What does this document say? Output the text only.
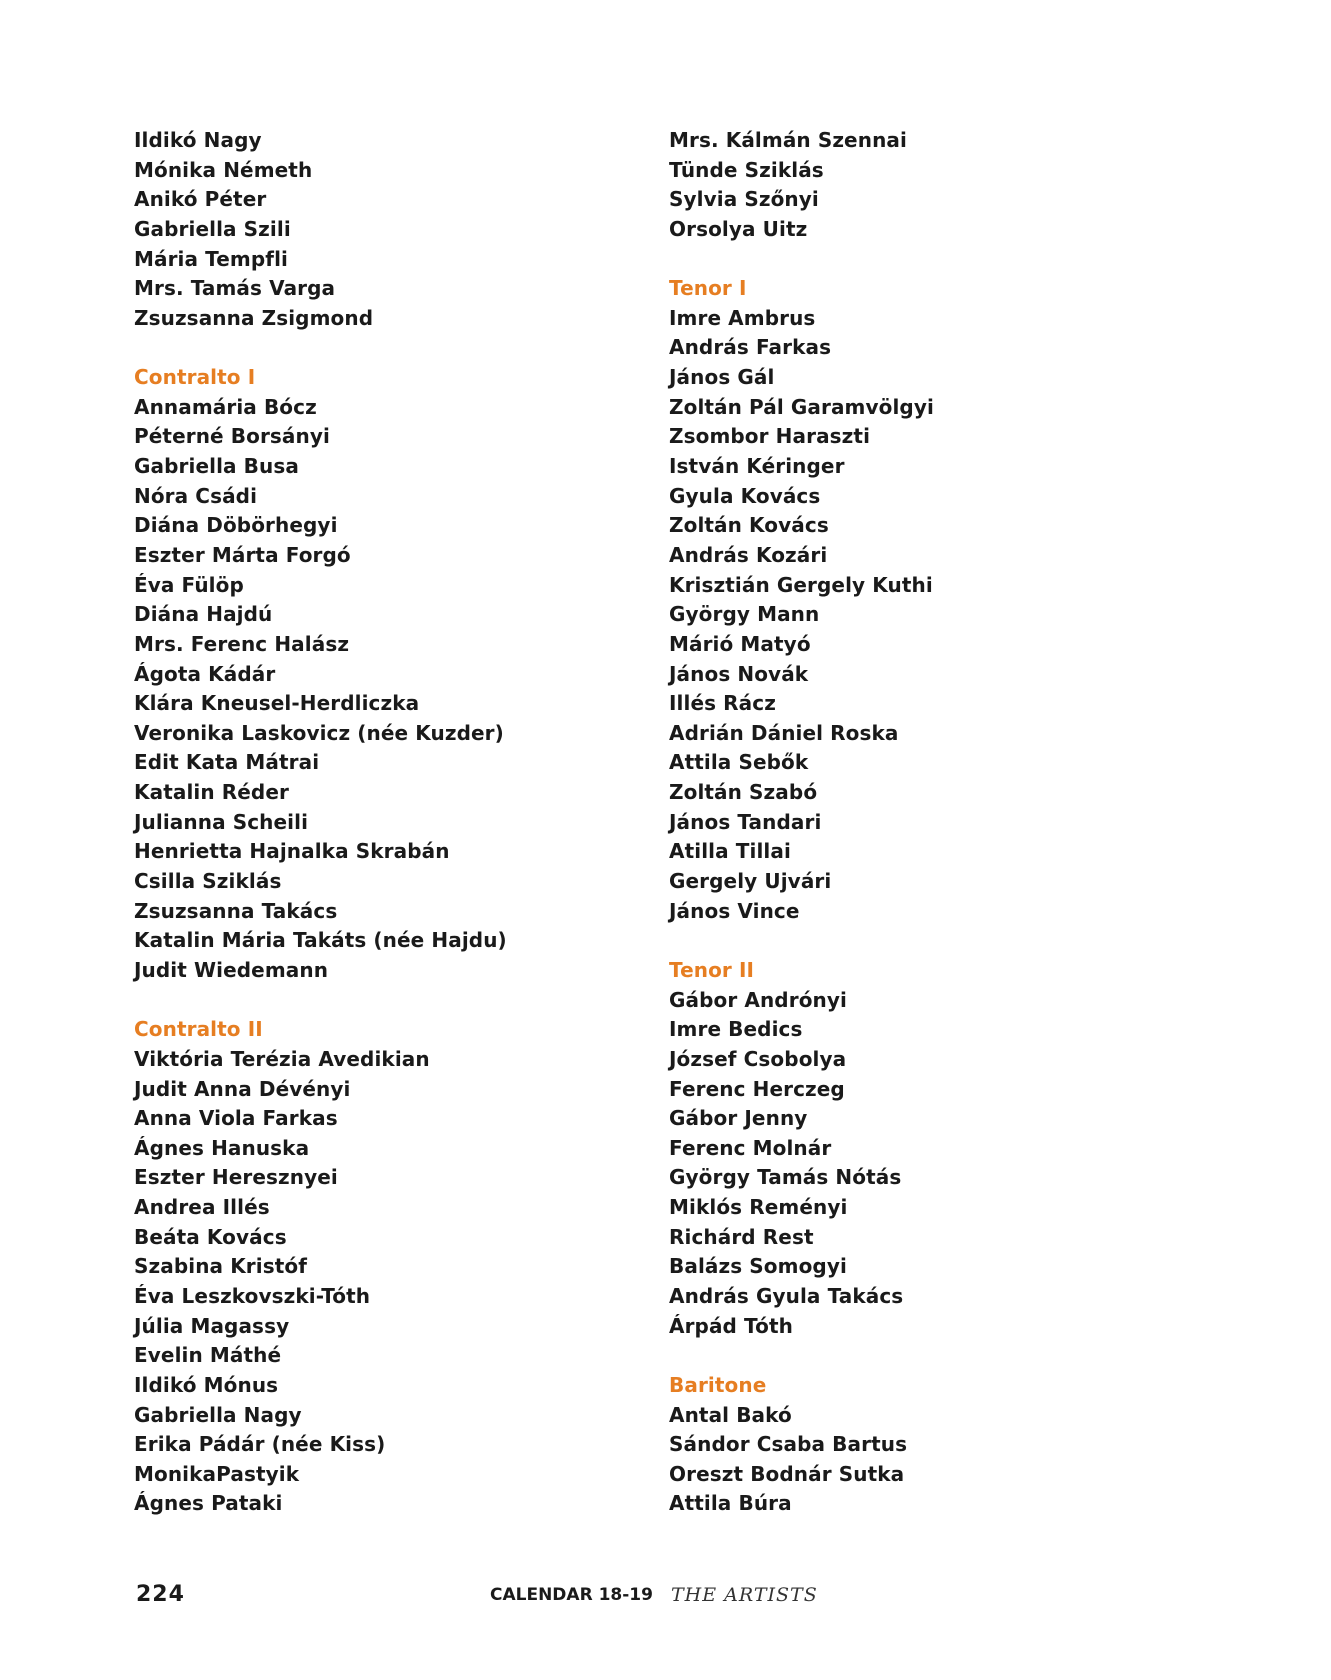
Ildikó Nagy
Mónika Németh
Anikó Péter
Gabriella Szili
Mária Tempfli
Mrs. Tamás Varga
Zsuzsanna Zsigmond
Contralto I
Annamária Bócz
Péterné Borsányi
Gabriella Busa
Nóra Csádi
Diána Döbörhegyi
Eszter Márta Forgó
Éva Fülöp
Diána Hajdú
Mrs. Ferenc Halász
Ágota Kádár
Klára Kneusel-Herdliczka
Veronika Laskovicz (née Kuzder)
Edit Kata Mátrai
Katalin Réder
Julianna Scheili
Henrietta Hajnalka Skrabán
Csilla Sziklás
Zsuzsanna Takács
Katalin Mária Takáts (née Hajdu)
Judit Wiedemann
Contralto II
Viktória Terézia Avedikian
Judit Anna Dévényi
Anna Viola Farkas
Ágnes Hanuska
Eszter Heresznyei
Andrea Illés
Beáta Kovács
Szabina Kristóf
Éva Leszkovszki-Tóth
Júlia Magassy
Evelin Máthé
Ildikó Mónus
Gabriella Nagy
Erika Pádár (née Kiss)
MonikaPastyik
Ágnes Pataki
Mrs. Kálmán Szennai
Tünde Sziklás
Sylvia Szőnyi
Orsolya Uitz
Tenor I
Imre Ambrus
András Farkas
János Gál
Zoltán Pál Garamvölgyi
Zsombor Haraszti
István Kéringer
Gyula Kovács
Zoltán Kovács
András Kozári
Krisztián Gergely Kuthi
György Mann
Márió Matyó
János Novák
Illés Rácz
Adrián Dániel Roska
Attila Sebők
Zoltán Szabó
János Tandari
Atilla Tillai
Gergely Ujvári
János Vince
Tenor II
Gábor Andrónyi
Imre Bedics
József Csobolya
Ferenc Herczeg
Gábor Jenny
Ferenc Molnár
György Tamás Nótás
Miklós Reményi
Richárd Rest
Balázs Somogyi
András Gyula Takács
Árpád Tóth
Baritone
Antal Bakó
Sándor Csaba Bartus
Oreszt Bodnár Sutka
Attila Búra
224	CALENDAR 18-19 THE ARTISTS
